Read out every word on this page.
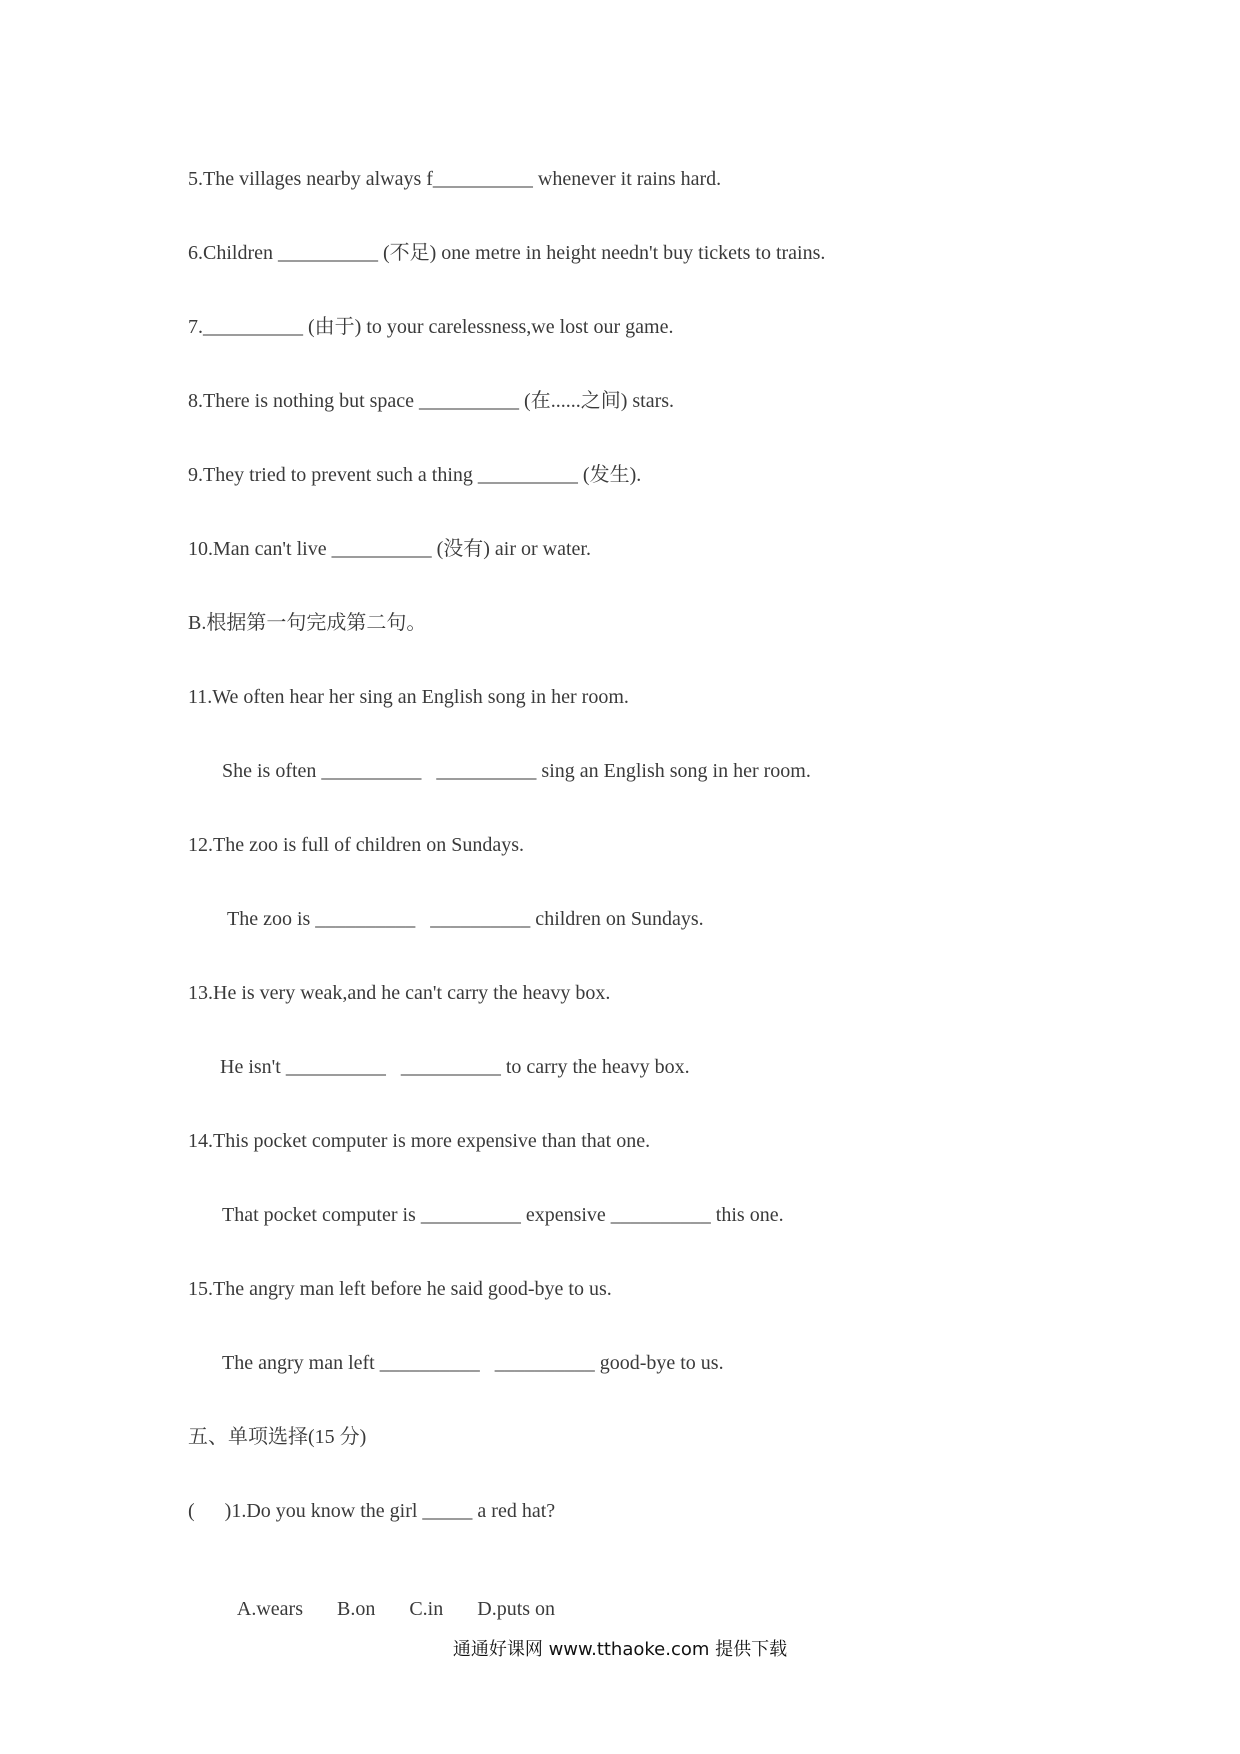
5.The villages nearby always f__________ whenever it rains hard.
6.Children __________ (不足) one metre in height needn't buy tickets to trains.
7.__________ (由于) to your carelessness,we lost our game.
8.There is nothing but space __________ (在......之间) stars.
9.They tried to prevent such a thing __________ (发生).
10.Man can't live __________ (没有) air or water.
B.根据第一句完成第二句。
11.We often hear her sing an English song in her room.
She is often __________   __________ sing an English song in her room.
12.The zoo is full of children on Sundays.
The zoo is __________   __________ children on Sundays.
13.He is very weak,and he can't carry the heavy box.
He isn't __________   __________ to carry the heavy box.
14.This pocket computer is more expensive than that one.
That pocket computer is __________ expensive __________ this one.
15.The angry man left before he said good-bye to us.
The angry man left __________   __________ good-bye to us.
五、单项选择(15 分)
(      )1.Do you know the girl _____ a red hat?

A.wears B.on C.in D.puts on

通通好课网 www.tthaoke.com 提供下载
